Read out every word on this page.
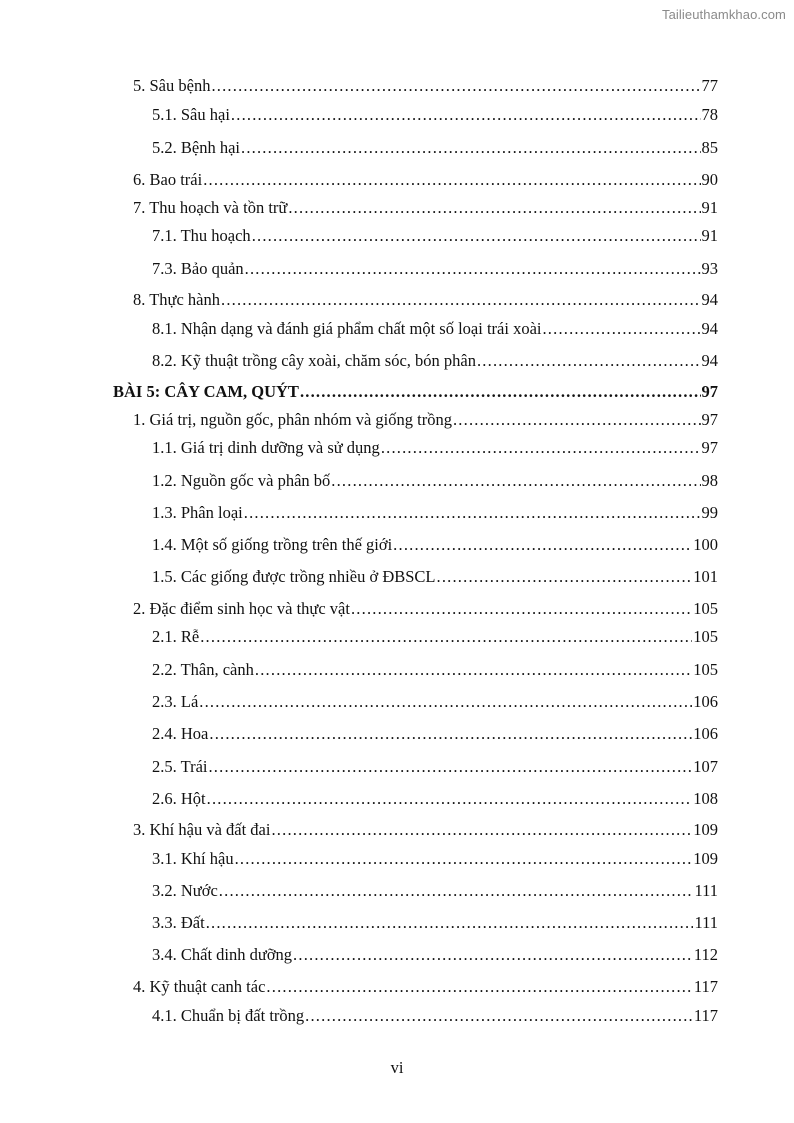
Tailieuthamkhao.com
5. Sâu bệnh .....	77
5.1. Sâu hại .....	78
5.2. Bệnh hại .....	85
6. Bao trái .....	90
7. Thu hoạch và tồn trữ .....	91
7.1. Thu hoạch .....	91
7.3. Bảo quản .....	93
8. Thực hành .....	94
8.1. Nhận dạng và đánh giá phẩm chất một số loại trái xoài .....	94
8.2. Kỹ thuật trồng cây xoài, chăm sóc, bón phân .....	94
BÀI 5: CÂY CAM, QUÝT .....	97
1. Giá trị, nguồn gốc, phân nhóm và giống trồng .....	97
1.1. Giá trị dinh dưỡng và sử dụng .....	97
1.2. Nguồn gốc và phân bố .....	98
1.3. Phân loại .....	99
1.4. Một số giống trồng trên thế giới .....	100
1.5. Các giống được trồng nhiều ở ĐBSCL .....	101
2. Đặc điểm sinh học và thực vật .....	105
2.1. Rễ .....	105
2.2. Thân, cành .....	105
2.3. Lá .....	106
2.4. Hoa .....	106
2.5. Trái .....	107
2.6. Hột .....	108
3. Khí hậu và đất đai .....	109
3.1. Khí hậu .....	109
3.2. Nước .....	111
3.3. Đất .....	111
3.4. Chất dinh dưỡng .....	112
4. Kỹ thuật canh tác .....	117
4.1. Chuẩn bị đất trồng .....	117
vi
